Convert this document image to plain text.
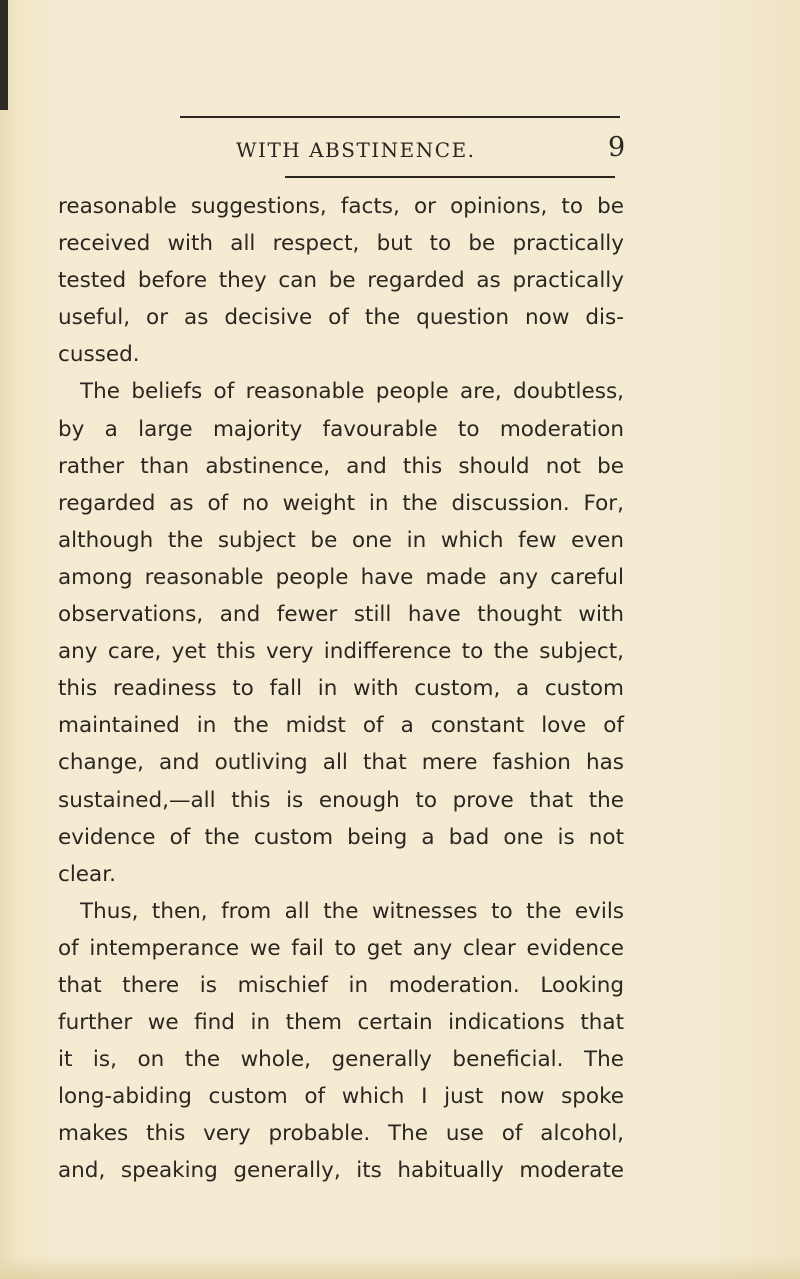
WITH ABSTINENCE.	9
reasonable suggestions, facts, or opinions, to be
received with all respect, but to be practically
tested before they can be regarded as practically
useful, or as decisive of the question now dis-
cussed.
The beliefs of reasonable people are, doubtless,
by a large majority favourable to moderation
rather than abstinence, and this should not be
regarded as of no weight in the discussion. For,
although the subject be one in which few even
among reasonable people have made any careful
observations, and fewer still have thought with
any care, yet this very indifference to the subject,
this readiness to fall in with custom, a custom
maintained in the midst of a constant love of
change, and outliving all that mere fashion has
sustained,—all this is enough to prove that the
evidence of the custom being a bad one is not
clear.
Thus, then, from all the witnesses to the evils
of intemperance we fail to get any clear evidence
that there is mischief in moderation. Looking
further we find in them certain indications that
it is, on the whole, generally beneficial. The
long-abiding custom of which I just now spoke
makes this very probable. The use of alcohol,
and, speaking generally, its habitually moderate
